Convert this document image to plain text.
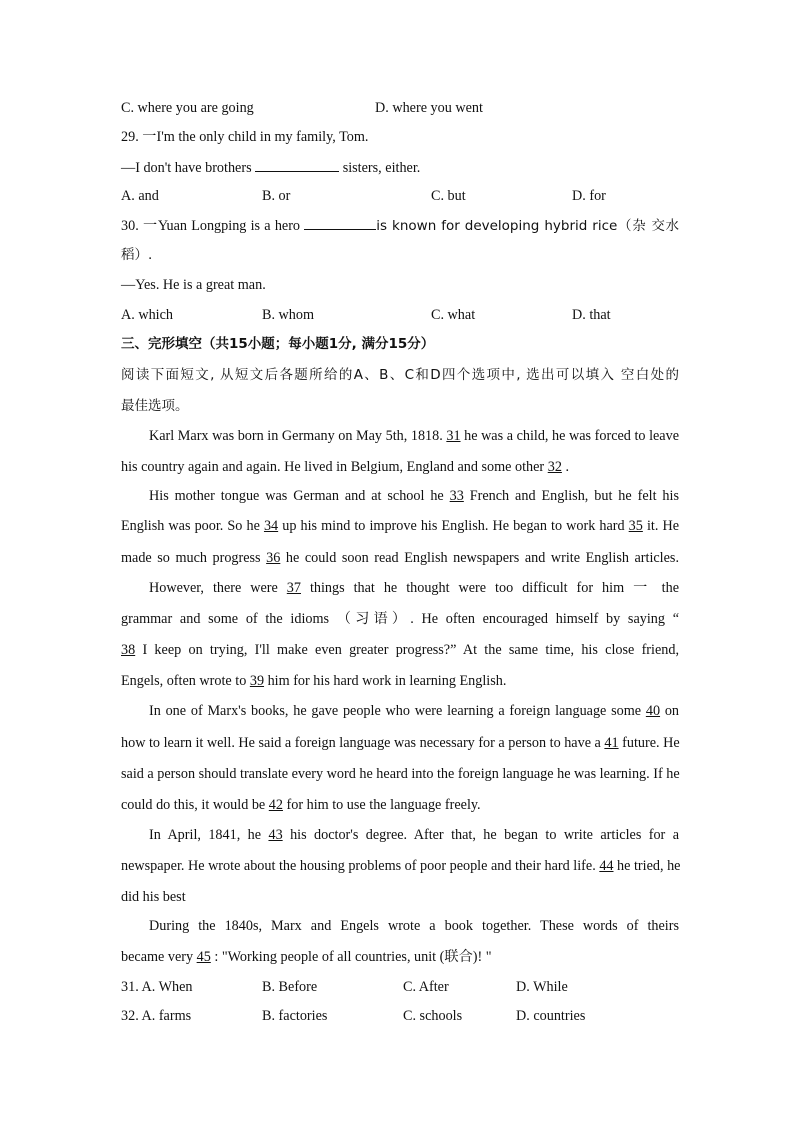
C. where you are going	D. where you went
29. 一I'm the only child in my family, Tom.
—I don't have brothers	sisters, either.
A. and	B. or	C. but	D. for
30. 一Yuan Longping is a hero	is known for developing hybrid rice（杂 交水
稻）.
—Yes. He is a great man.
A. which	B. whom	C. what	D. that
三、完形填空（共15小题；每小题1分, 满分15分）
阅读下面短文, 从短文后各题所给的A、B、C和D四个选项中, 选出可以填入 空白处的
最佳选项。
Karl Marx was born in Germany on May 5th, 1818. 31 he was a child, he was forced to leave
his country again and again. He lived in Belgium, England and some other 32 .
His mother tongue was German and at school he 33 French and English, but he felt his
English was poor. So he 34 up his mind to improve his English. He began to work hard 35 it. He
made so much progress 36 he could soon read English newspapers and write English articles.
However, there were 37 things that he thought were too difficult for him 一 the
grammar and some of the idioms （习语）. He often encouraged himself by saying “
38 I keep on trying, I'll make even greater progress?” At the same time, his close friend,
Engels, often wrote to 39 him for his hard work in learning English.
In one of Marx's books, he gave people who were learning a foreign language some 40 on
how to learn it well. He said a foreign language was necessary for a person to have a 41 future. He
said a person should translate every word he heard into the foreign language he was learning. If he
could do this, it would be 42 for him to use the language freely.
In April, 1841, he 43 his doctor's degree. After that, he began to write articles for a
newspaper. He wrote about the housing problems of poor people and their hard life. 44 he tried, he
did his best
During the 1840s, Marx and Engels wrote a book together. These words of theirs
became very 45 : "Working people of all countries, unit (联合)! "
31. A. When	B. Before	C. After	D. While
32. A. farms	B. factories	C. schools	D. countries
